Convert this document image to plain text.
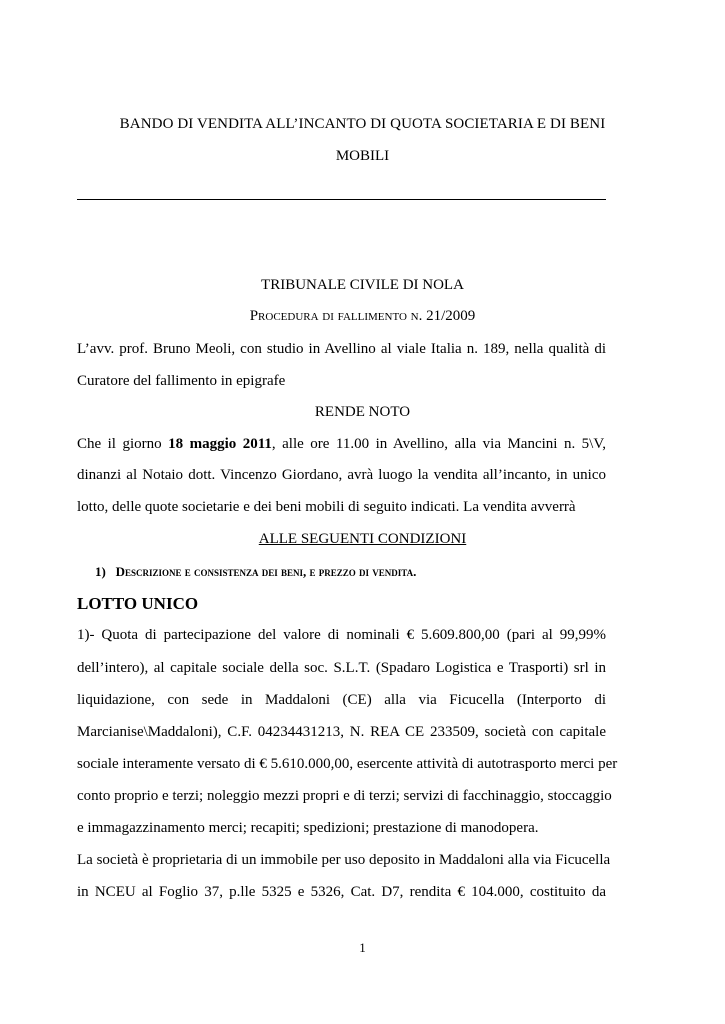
BANDO DI VENDITA ALL’INCANTO DI QUOTA SOCIETARIA E DI BENI
MOBILI
TRIBUNALE CIVILE DI NOLA
Procedura di fallimento n. 21/2009
L’avv. prof. Bruno Meoli, con studio in Avellino al viale Italia n. 189, nella qualità di
Curatore del fallimento in epigrafe
RENDE NOTO
Che il giorno 18 maggio 2011, alle ore 11.00 in Avellino, alla via Mancini n. 5\V,
dinanzi al Notaio dott. Vincenzo Giordano, avrà luogo la vendita all’incanto, in unico
lotto, delle quote societarie e dei beni mobili di seguito indicati. La vendita avverrà
ALLE SEGUENTI CONDIZIONI
1) Descrizione e consistenza dei beni, e prezzo di vendita.
LOTTO UNICO
1)- Quota di partecipazione del valore di nominali € 5.609.800,00 (pari al 99,99%
dell’intero), al capitale sociale della soc. S.L.T. (Spadaro Logistica e Trasporti) srl in
liquidazione, con sede in Maddaloni (CE) alla via Ficucella (Interporto di
Marcianise\Maddaloni), C.F. 04234431213, N. REA CE 233509, società con capitale
sociale interamente versato di € 5.610.000,00, esercente attività di autotrasporto merci per
conto proprio e terzi; noleggio mezzi propri e di terzi; servizi di facchinaggio, stoccaggio
e immagazzinamento merci; recapiti; spedizioni; prestazione di manodopera.
La società è proprietaria di un immobile per uso deposito in Maddaloni alla via Ficucella
in NCEU al Foglio 37, p.lle 5325 e 5326, Cat. D7, rendita € 104.000, costituito da
1
